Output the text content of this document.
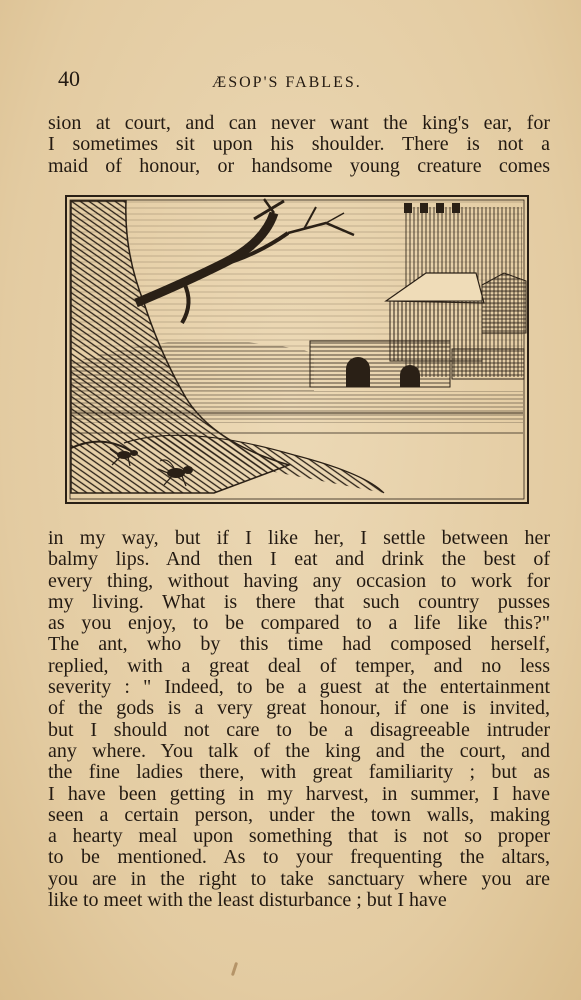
40	ÆSOP'S FABLES.
sion at court, and can never want the king's ear, for
I sometimes sit upon his shoulder. There is not a
maid of honour, or handsome young creature comes
in my way, but if I like her, I settle between her
balmy lips. And then I eat and drink the best of
every thing, without having any occasion to work for
my living. What is there that such country pusses
as you enjoy, to be compared to a life like this?"
The ant, who by this time had composed herself,
replied, with a great deal of temper, and no less
severity : " Indeed, to be a guest at the entertainment
of the gods is a very great honour, if one is invited,
but I should not care to be a disagreeable intruder
any where. You talk of the king and the court, and
the fine ladies there, with great familiarity ; but as
I have been getting in my harvest, in summer, I have
seen a certain person, under the town walls, making
a hearty meal upon something that is not so proper
to be mentioned. As to your frequenting the altars,
you are in the right to take sanctuary where you are
like to meet with the least disturbance ; but I have
